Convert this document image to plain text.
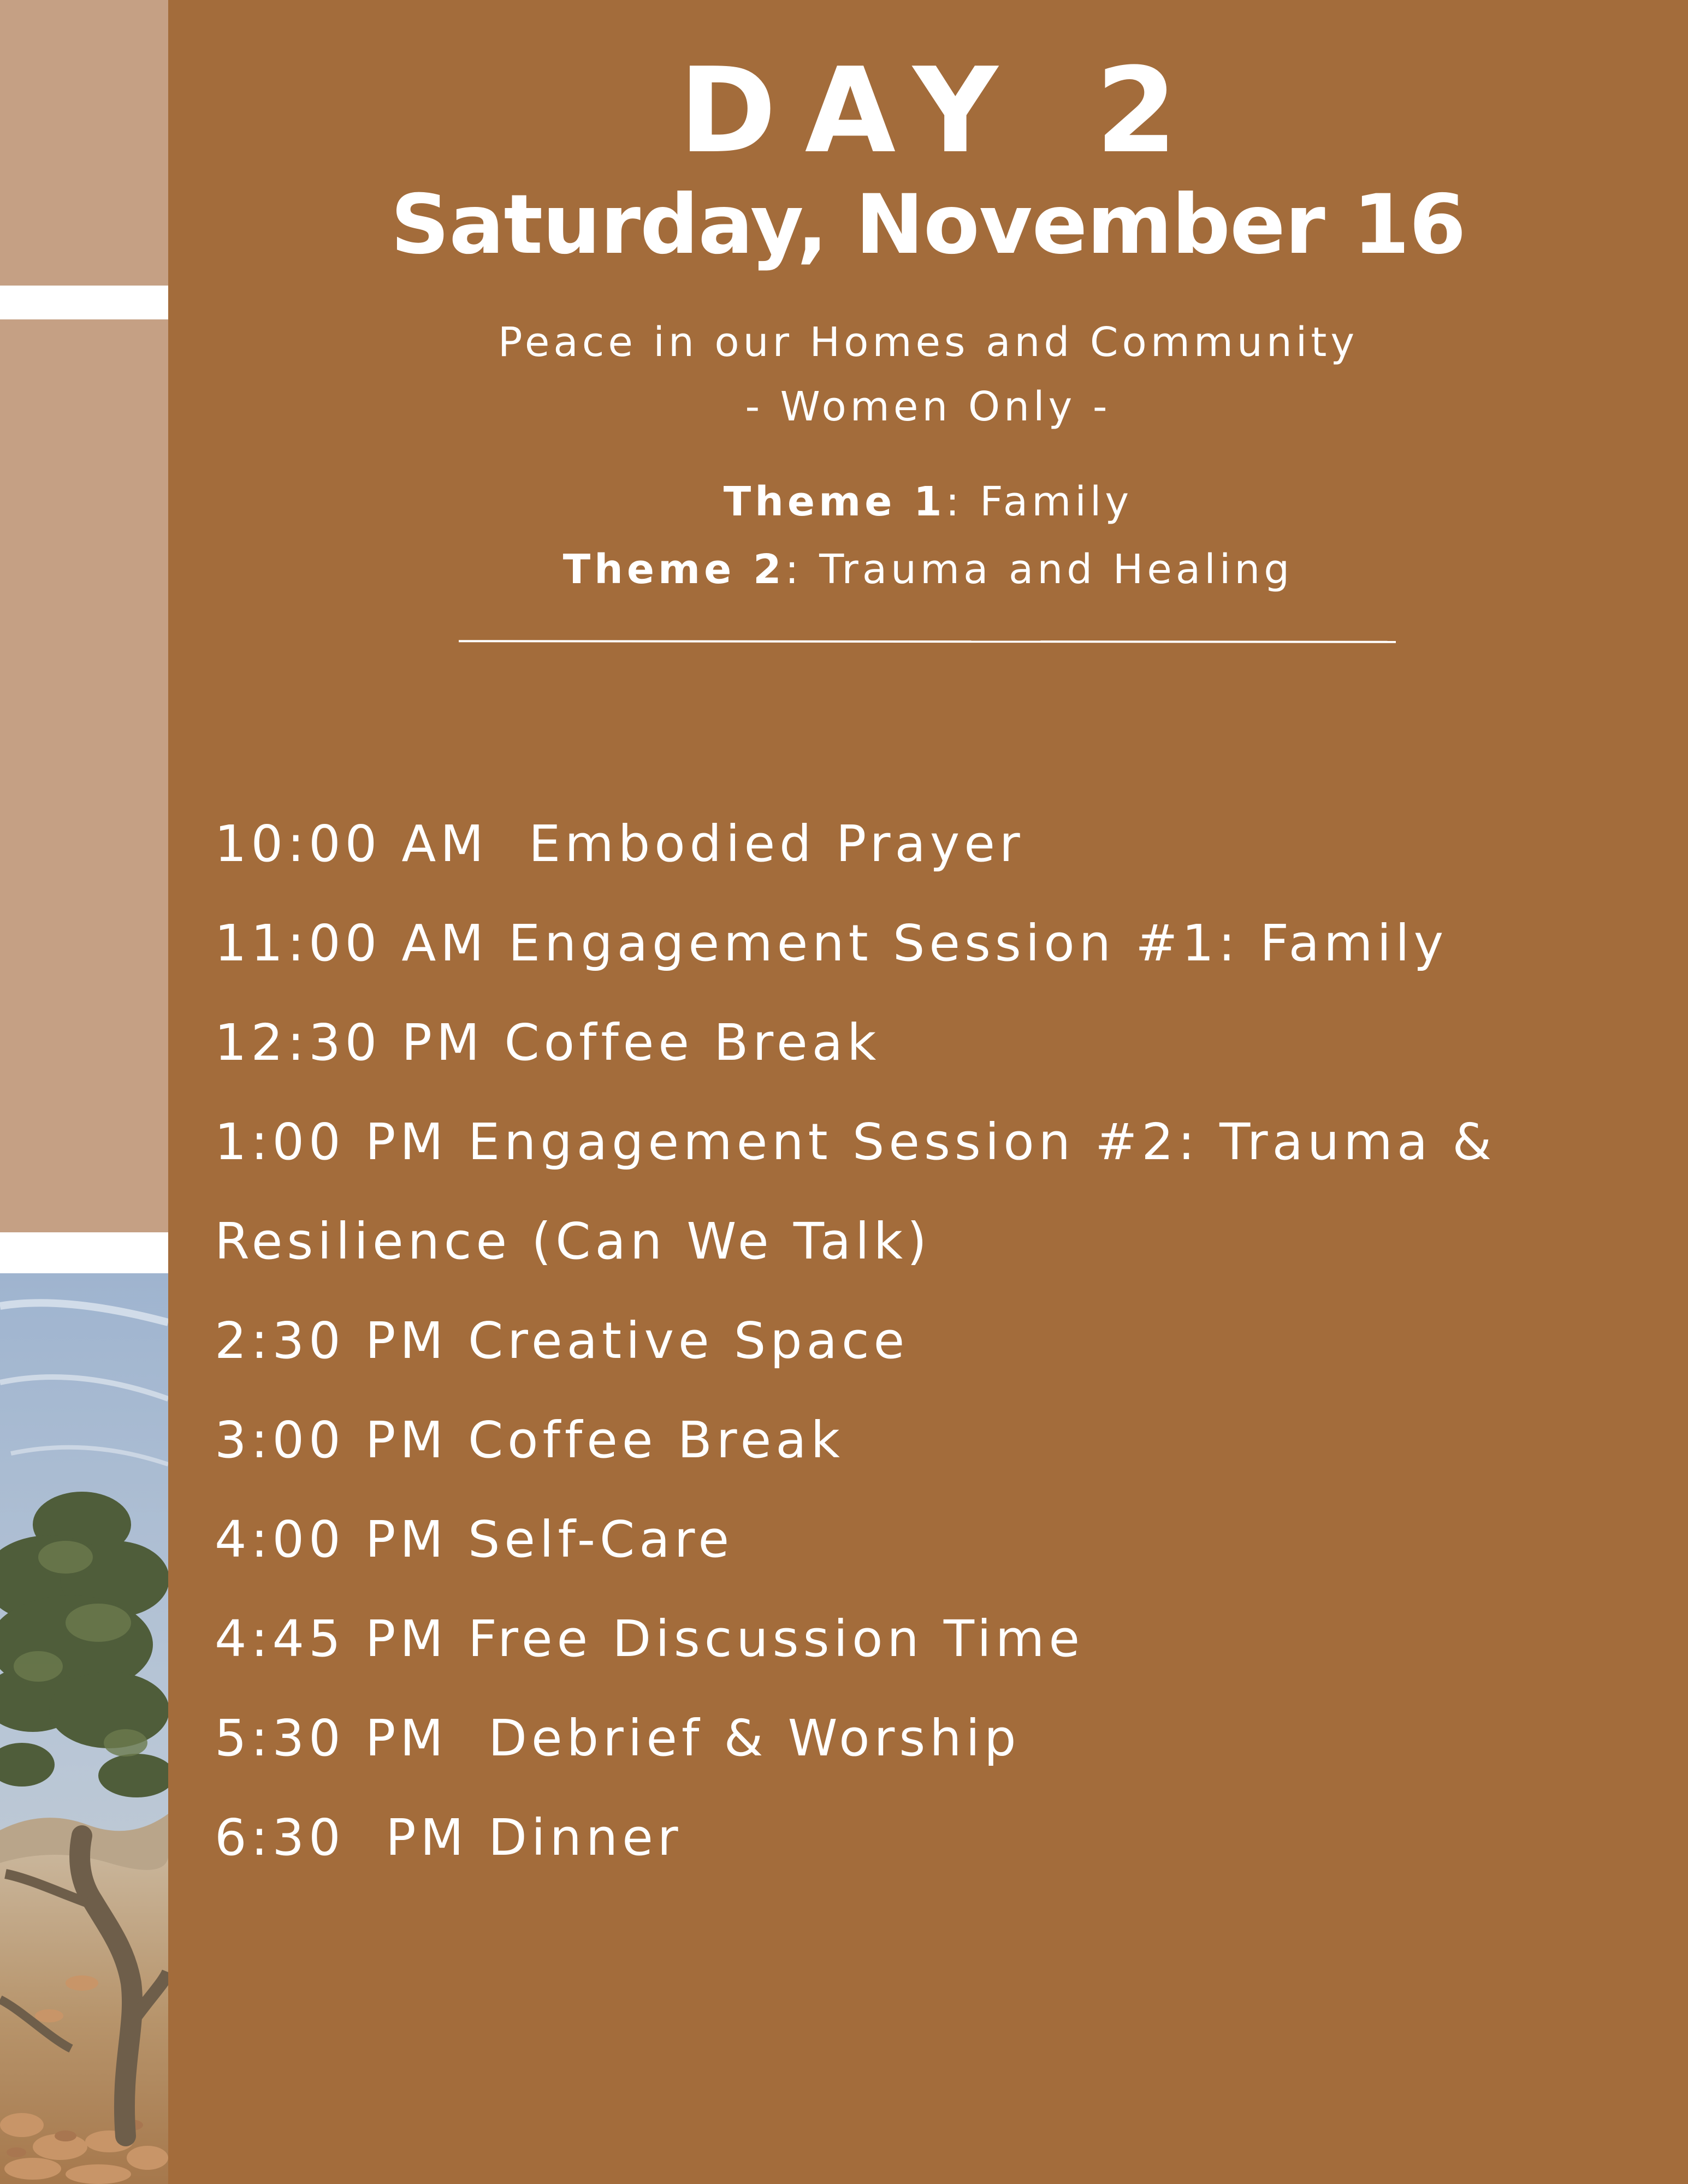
DAY 2
Saturday, November 16
Peace in our Homes and Community
- Women Only -
Theme 1: Family
Theme 2: Trauma and Healing
10:00 AM  Embodied Prayer
11:00 AM Engagement Session #1: Family
12:30 PM Coffee Break
1:00 PM Engagement Session #2: Trauma &
Resilience (Can We Talk)
2:30 PM Creative Space
3:00 PM Coffee Break
4:00 PM Self-Care
4:45 PM Free Discussion Time
5:30 PM  Debrief & Worship
6:30  PM Dinner
